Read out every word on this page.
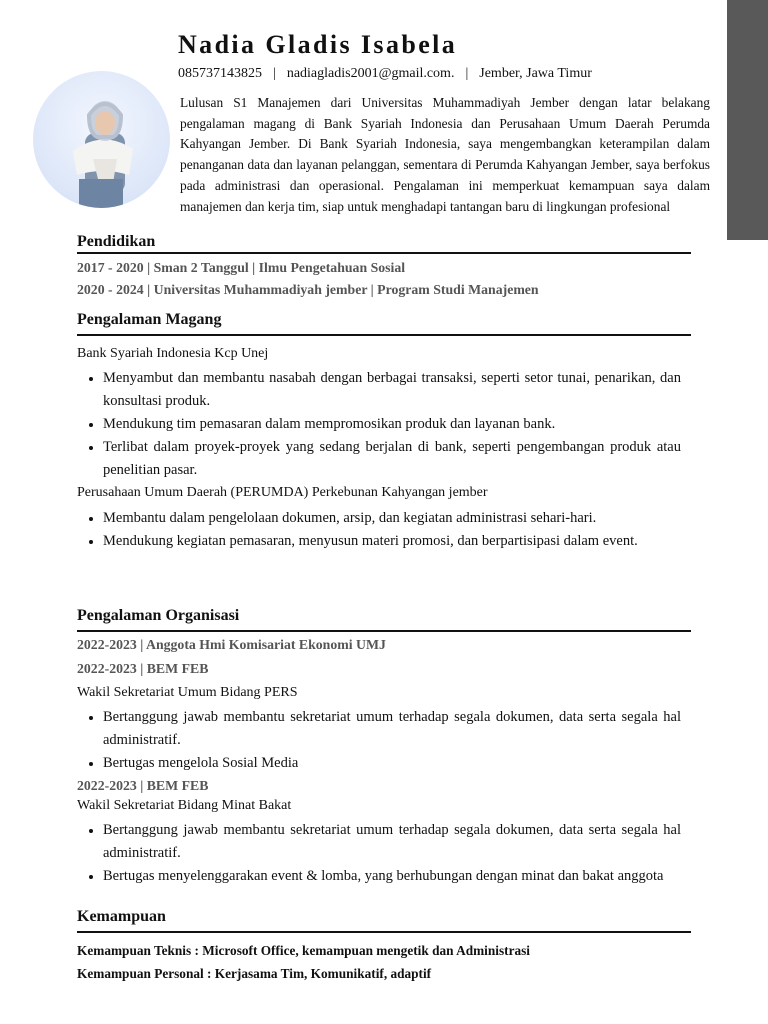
Nadia Gladis Isabela
085737143825 | nadiagladis2001@gmail.com. | Jember, Jawa Timur

Lulusan S1 Manajemen dari Universitas Muhammadiyah Jember dengan latar belakang pengalaman magang di Bank Syariah Indonesia dan Perusahaan Umum Daerah Perumda Kahyangan Jember. Di Bank Syariah Indonesia, saya mengembangkan keterampilan dalam penanganan data dan layanan pelanggan, sementara di Perumda Kahyangan Jember, saya berfokus pada administrasi dan operasional. Pengalaman ini memperkuat kemampuan saya dalam manajemen dan kerja tim, siap untuk menghadapi tantangan baru di lingkungan profesional

Pendidikan
2017 - 2020 | Sman 2 Tanggul | Ilmu Pengetahuan Sosial
2020 - 2024 | Universitas Muhammadiyah jember | Program Studi Manajemen
Pengalaman Magang
Bank Syariah Indonesia Kcp Unej
• Menyambut dan membantu nasabah dengan berbagai transaksi, seperti setor tunai, penarikan, dan konsultasi produk.
• Mendukung tim pemasaran dalam mempromosikan produk dan layanan bank.
• Terlibat dalam proyek-proyek yang sedang berjalan di bank, seperti pengembangan produk atau penelitian pasar.
Perusahaan Umum Daerah (PERUMDA) Perkebunan Kahyangan jember
• Membantu dalam pengelolaan dokumen, arsip, dan kegiatan administrasi sehari-hari.
• Mendukung kegiatan pemasaran, menyusun materi promosi, dan berpartisipasi dalam event.
Pengalaman Organisasi
2022-2023 | Anggota Hmi Komisariat Ekonomi UMJ
2022-2023 | BEM FEB
Wakil Sekretariat Umum Bidang PERS
• Bertanggung jawab membantu sekretariat umum terhadap segala dokumen, data serta segala hal administratif.
• Bertugas mengelola Sosial Media
2022-2023 | BEM FEB
Wakil Sekretariat Bidang Minat Bakat
• Bertanggung jawab membantu sekretariat umum terhadap segala dokumen, data serta segala hal administratif.
• Bertugas menyelenggarakan event & lomba, yang berhubungan dengan minat dan bakat anggota
Kemampuan
Kemampuan Teknis : Microsoft Office, kemampuan mengetik dan Administrasi
Kemampuan Personal : Kerjasama Tim, Komunikatif, adaptif
